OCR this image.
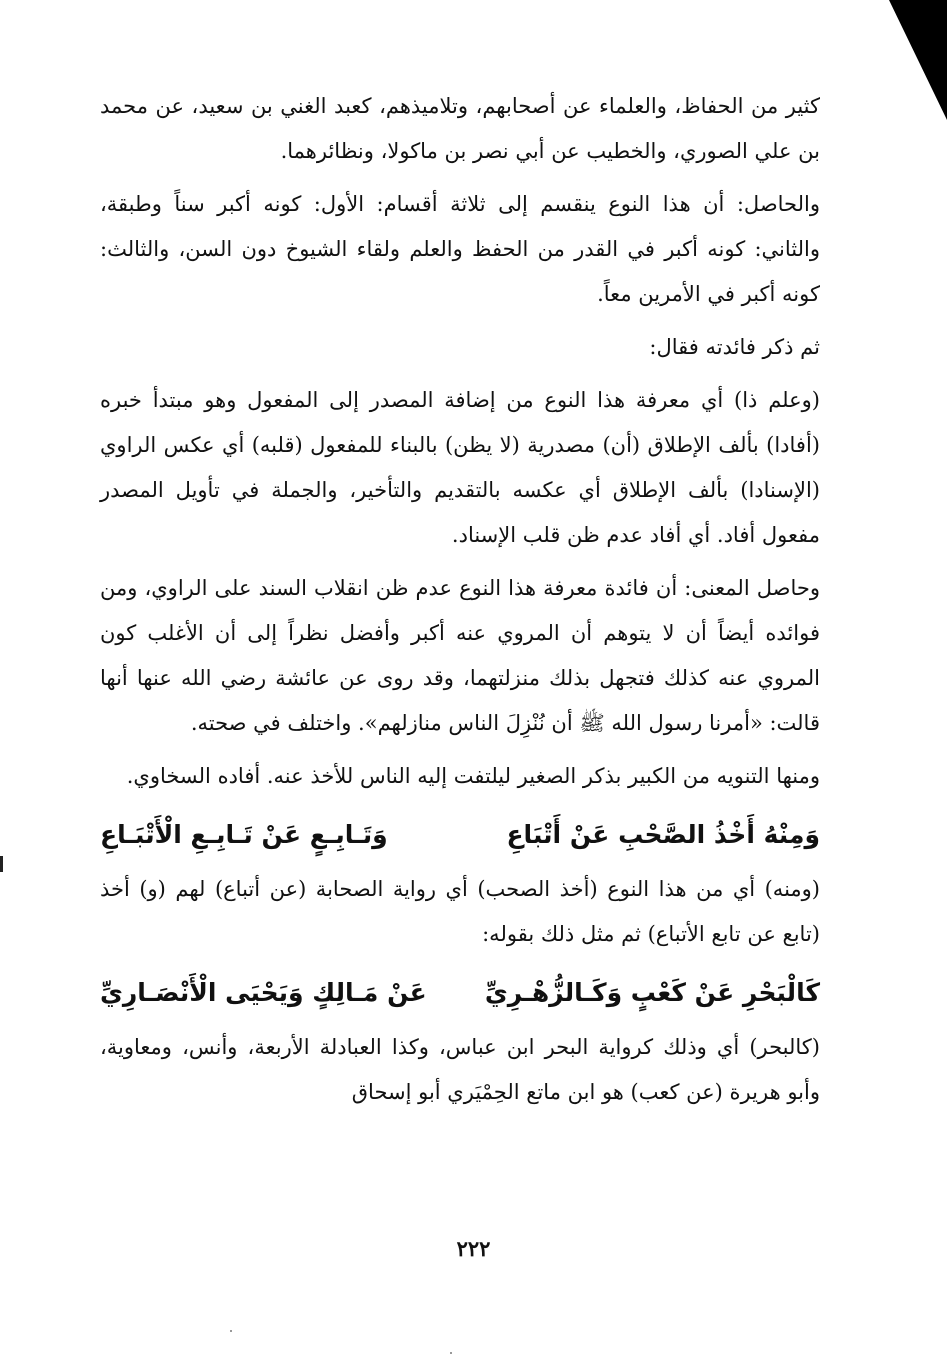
كثير من الحفاظ، والعلماء عن أصحابهم، وتلاميذهم، كعبد الغني بن سعيد، عن محمد بن علي الصوري، والخطيب عن أبي نصر بن ماكولا، ونظائرهما.

والحاصل: أن هذا النوع ينقسم إلى ثلاثة أقسام: الأول: كونه أكبر سناً وطبقة، والثاني: كونه أكبر في القدر من الحفظ والعلم ولقاء الشيوخ دون السن، والثالث: كونه أكبر في الأمرين معاً.

ثم ذكر فائدته فقال:

(وعلم ذا) أي معرفة هذا النوع من إضافة المصدر إلى المفعول وهو مبتدأ خبره (أفادا) بألف الإطلاق (أن) مصدرية (لا يظن) بالبناء للمفعول (قلبه) أي عكس الراوي (الإسنادا) بألف الإطلاق أي عكسه بالتقديم والتأخير، والجملة في تأويل المصدر مفعول أفاد. أي أفاد عدم ظن قلب الإسناد.

وحاصل المعنى: أن فائدة معرفة هذا النوع عدم ظن انقلاب السند على الراوي، ومن فوائده أيضاً أن لا يتوهم أن المروي عنه أكبر وأفضل نظراً إلى أن الأغلب كون المروي عنه كذلك فتجهل بذلك منزلتهما، وقد روى عن عائشة رضي الله عنها أنها قالت: «أمرنا رسول الله ﷺ أن نُنْزِلَ الناس منازلهم». واختلف في صحته.

ومنها التنويه من الكبير بذكر الصغير ليلتفت إليه الناس للأخذ عنه. أفاده السخاوي.

وَمِنْهُ أَخْذُ الصَّحْبِ عَنْ أَتْبَاعِ
وَتَـابِـعٍ عَنْ تَـابِـعِ الْأَتْبَـاعِ

(ومنه) أي من هذا النوع (أخذ الصحب) أي رواية الصحابة (عن أتباع) لهم (و) أخذ (تابع عن تابع الأتباع) ثم مثل ذلك بقوله:

كَالْبَحْرِ عَنْ كَعْبٍ وَكَـالزُّهْـرِيِّ
عَنْ مَـالِكٍ وَيَحْيَى الْأَنْصَـارِيِّ

(كالبحر) أي وذلك كرواية البحر ابن عباس، وكذا العبادلة الأربعة، وأنس، ومعاوية، وأبو هريرة (عن كعب) هو ابن ماتع الحِمْيَري أبو إسحاق

٢٢٢
